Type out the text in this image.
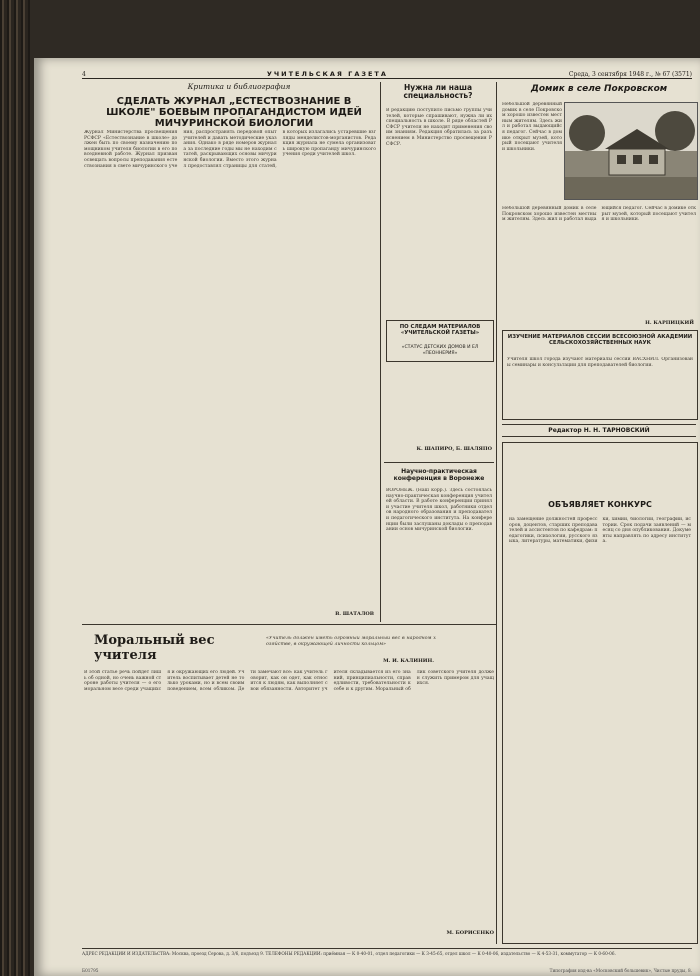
4	УЧИТЕЛЬСКАЯ ГАЗЕТА	Среда, 3 сентября 1948 г., № 67 (3571)
Критика и библиография
СДЕЛАТЬ ЖУРНАЛ „ЕСТЕСТВОЗНАНИЕ В ШКОЛЕ" БОЕВЫМ ПРОПАГАНДИСТОМ ИДЕЙ МИЧУРИНСКОЙ БИОЛОГИИ
Журнал Министерства просвещения РСФСР «Естествознание в школе» должен быть по своему назначению помощником учителя биологии в его повседневной работе. Журнал призван освещать вопросы преподавания естествознания в свете мичуринского учения, распространять передовой опыт учителей и давать методические указания. Однако в ряде номеров журнала за последние годы мы не находим статей, раскрывающих основы мичуринской биологии. Вместо этого журнал предоставлял страницы для статей, в которых излагались устаревшие взгляды менделистов-морганистов. Редакция журнала не сумела организовать широкую пропаганду мичуринского учения среди учителей школ.
В. ШАТАЛОВ
Нужна ли наша специальность?
В редакцию поступило письмо группы учителей, которые спрашивают, нужна ли их специальность в школе. В ряде областей РСФСР учителя не находят применения своим знаниям. Редакция обратилась за разъяснением в Министерство просвещения РСФСР.
К. ШАПИРО, Б. ШАЛЯПО
Научно-практическая конференция в Воронеже
ВОРОНЕЖ. (Наш корр.). Здесь состоялась научно-практическая конференция учителей области. В работе конференции приняли участие учителя школ, работники отделов народного образования и преподаватели педагогического института. На конференции были заслушаны доклады о преподавании основ мичуринской биологии.
Домик в селе Покровском
Небольшой деревянный домик в селе Покровском хорошо известен местным жителям. Здесь жил и работал выдающийся педагог. Сейчас в домике открыт музей, который посещают учителя и школьники.
Небольшой деревянный домик в селе Покровском хорошо известен местным жителям. Здесь жил и работал выдающийся педагог. Сейчас в домике открыт музей, который посещают учителя и школьники.
Н. КАРПИЦКИЙ
ПО СЛЕДАМ МАТЕРИАЛОВ «УЧИТЕЛЬСКОЙ ГАЗЕТЫ»
«СТАТУС ДЕТСКИХ ДОМОВ И ЕЛ «ПЕОННЕРИЯ»
ИЗУЧЕНИЕ МАТЕРИАЛОВ СЕССИИ ВСЕСОЮЗНОЙ АКАДЕМИИ СЕЛЬСКОХОЗЯЙСТВЕННЫХ НАУК
Учителя школ города изучают материалы сессии ВАСХНИЛ. Организованы семинары и консультации для преподавателей биологии.
Редактор Н. Н. ТАРНОВСКИЙ
ОБЪЯВЛЯЕТ КОНКУРС
на замещение должностей профессоров, доцентов, старших преподавателей и ассистентов по кафедрам: педагогики, психологии, русского языка, литературы, математики, физики, химии, биологии, географии, истории. Срок подачи заявлений — месяц со дня опубликования. Документы направлять по адресу института.
Моральный вес учителя
«Учитель должен иметь огромный моральный вес в народном хозяйстве, в окружающей личности кольцом»
М. И. КАЛИНИН.
В этой статье речь пойдет лишь об одной, но очень важной стороне работы учителя — о его моральном весе среди учащихся и окружающих его людей. Учитель воспитывает детей не только уроками, но и всем своим поведением, всем обликом. Дети замечают всё: как учитель говорит, как он одет, как относится к людям, как выполняет свои обязанности. Авторитет учителя складывается из его знаний, принципиальности, справедливости, требовательности к себе и к другим. Моральный облик советского учителя должен служить примером для учащихся.
М. БОРИСЕНКО
АДРЕС РЕДАКЦИИ И ИЗДАТЕЛЬСТВА: Москва, проезд Серова, д. 3/6, подъезд 9. ТЕЛЕФОНЫ РЕДАКЦИИ: приёмная — К 0-40-01, отдел педагогики — К 3-45-65, отдел школ — К 0-40-06, издательство — К 4-53-31, коммутатор — К 0-60-06.
Б01795	Типография изд-ва «Московский большевик», Чистые пруды, 8.
